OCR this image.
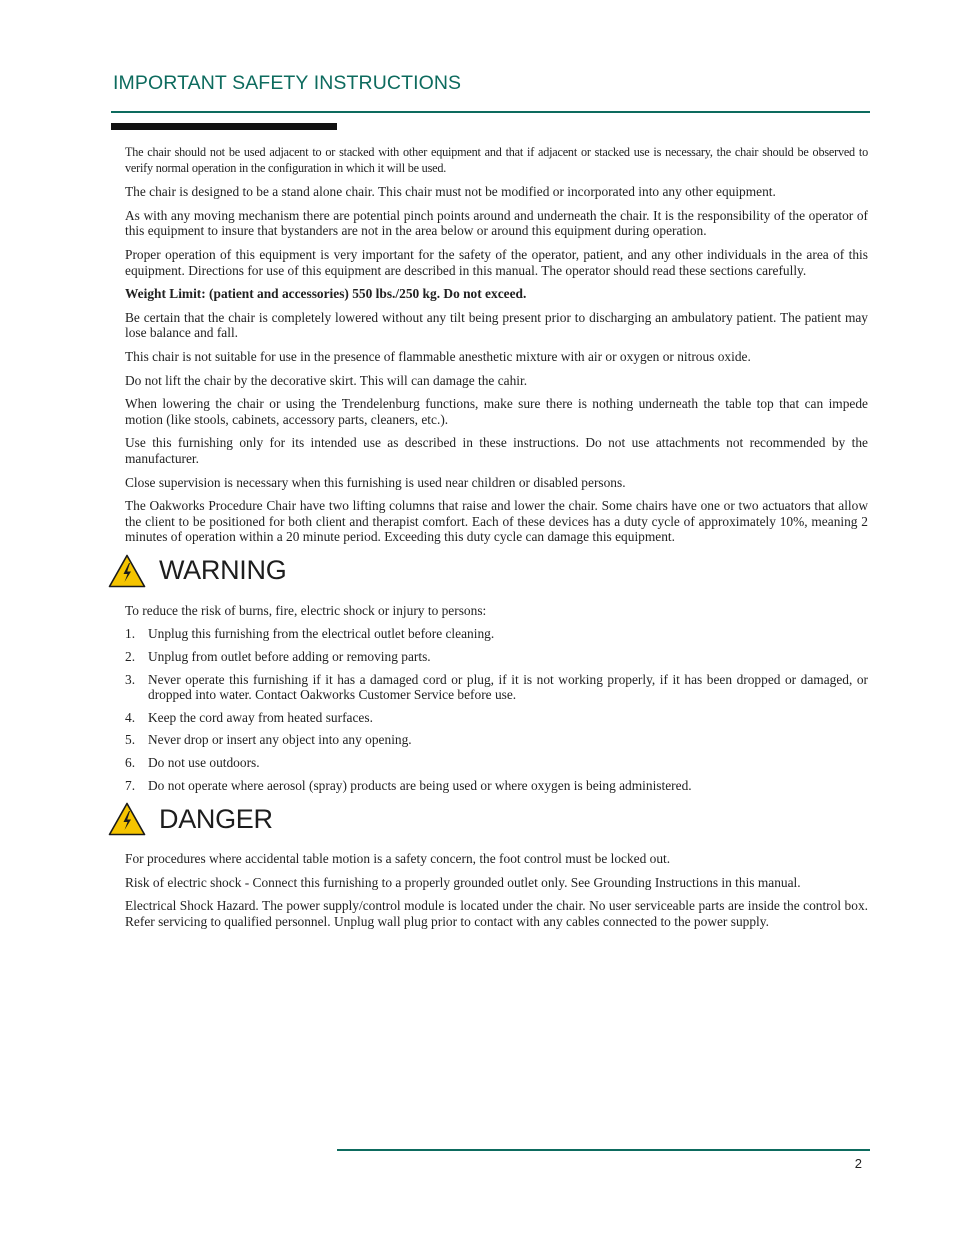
IMPORTANT SAFETY INSTRUCTIONS

The chair should not be used adjacent to or stacked with other equipment and that if adjacent or stacked use is necessary, the chair should be observed to verify normal operation in the configuration in which it will be used.

The chair is designed to be a stand alone chair. This chair must not be modified or incorporated into any other equipment.

As with any moving mechanism there are potential pinch points around and underneath the chair. It is the responsibility of the operator of this equipment to insure that bystanders are not in the area below or around this equipment during operation.

Proper operation of this equipment is very important for the safety of the operator, patient, and any other individuals in the area of this equipment. Directions for use of this equipment are described in this manual. The operator should read these sections carefully.

Weight Limit: (patient and accessories) 550 lbs./250 kg. Do not exceed.

Be certain that the chair is completely lowered without any tilt being present prior to discharging an ambulatory patient. The patient may lose balance and fall.

This chair is not suitable for use in the presence of flammable anesthetic mixture with air or oxygen or nitrous oxide.

Do not lift the chair by the decorative skirt. This will can damage the cahir.

When lowering the chair or using the Trendelenburg functions, make sure there is nothing underneath the table top that can impede motion (like stools, cabinets, accessory parts, cleaners, etc.).

Use this furnishing only for its intended use as described in these instructions. Do not use attachments not recommended by the manufacturer.

Close supervision is necessary when this furnishing is used near children or disabled persons.

The Oakworks Procedure Chair have two lifting columns that raise and lower the chair. Some chairs have one or two actuators that allow the client to be positioned for both client and therapist comfort. Each of these devices has a duty cycle of approximately 10%, meaning 2 minutes of operation within a 20 minute period. Exceeding this duty cycle can damage this equipment.

WARNING

To reduce the risk of burns, fire, electric shock or injury to persons:

1. Unplug this furnishing from the electrical outlet before cleaning.
2. Unplug from outlet before adding or removing parts.
3. Never operate this furnishing if it has a damaged cord or plug, if it is not working properly, if it has been dropped or damaged, or dropped into water. Contact Oakworks Customer Service before use.
4. Keep the cord away from heated surfaces.
5. Never drop or insert any object into any opening.
6. Do not use outdoors.
7. Do not operate where aerosol (spray) products are being used or where oxygen is being administered.
DANGER

For procedures where accidental table motion is a safety concern, the foot control must be locked out.

Risk of electric shock - Connect this furnishing to a properly grounded outlet only. See Grounding Instructions in this manual.

Electrical Shock Hazard. The power supply/control module is located under the chair. No user serviceable parts are inside the control box. Refer servicing to qualified personnel. Unplug wall plug prior to contact with any cables connected to the power supply.

2
